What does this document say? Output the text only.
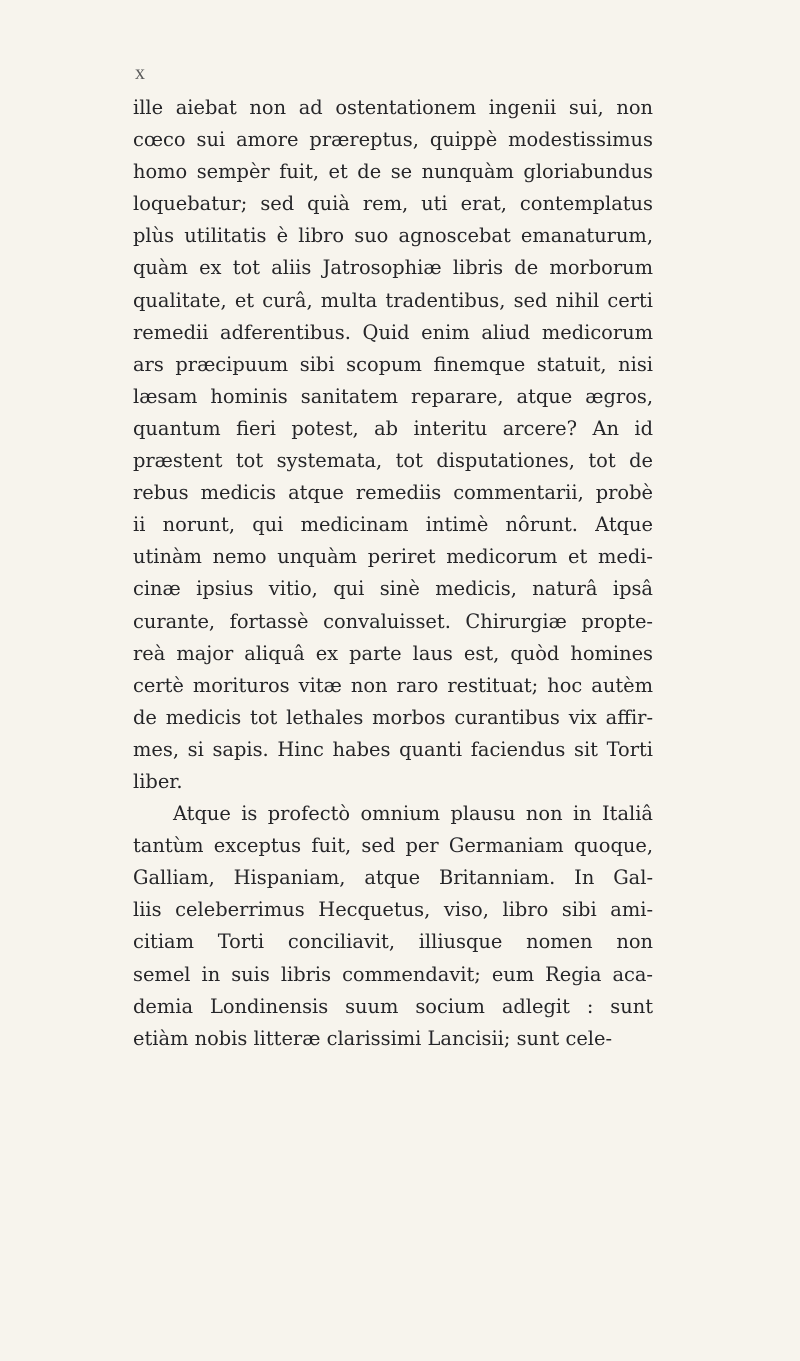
x
ille aiebat non ad ostentationem ingenii sui, non
cœco sui amore præreptus, quippè modestissimus
homo sempèr fuit, et de se nunquàm gloriabundus
loquebatur; sed quià rem, uti erat, contemplatus
plùs utilitatis è libro suo agnoscebat emanaturum,
quàm ex tot aliis Jatrosophiæ libris de morborum
qualitate, et curâ, multa tradentibus, sed nihil certi
remedii adferentibus. Quid enim aliud medicorum
ars præcipuum sibi scopum finemque statuit, nisi
læsam hominis sanitatem reparare, atque ægros,
quantum fieri potest, ab interitu arcere? An id
præstent tot systemata, tot disputationes, tot de
rebus medicis atque remediis commentarii, probè
ii norunt, qui medicinam intimè nôrunt. Atque
utinàm nemo unquàm periret medicorum et medi-
cinæ ipsius vitio, qui sinè medicis, naturâ ipsâ
curante, fortassè convaluisset. Chirurgiæ propte-
reà major aliquâ ex parte laus est, quòd homines
certè morituros vitæ non raro restituat; hoc autèm
de medicis tot lethales morbos curantibus vix affir-
mes, si sapis. Hinc habes quanti faciendus sit Torti
liber.
Atque is profectò omnium plausu non in Italiâ
tantùm exceptus fuit, sed per Germaniam quoque,
Galliam, Hispaniam, atque Britanniam. In Gal-
liis celeberrimus Hecquetus, viso, libro sibi ami-
citiam Torti conciliavit, illiusque nomen non
semel in suis libris commendavit; eum Regia aca-
demia Londinensis suum socium adlegit : sunt
etiàm nobis litteræ clarissimi Lancisii; sunt cele-
